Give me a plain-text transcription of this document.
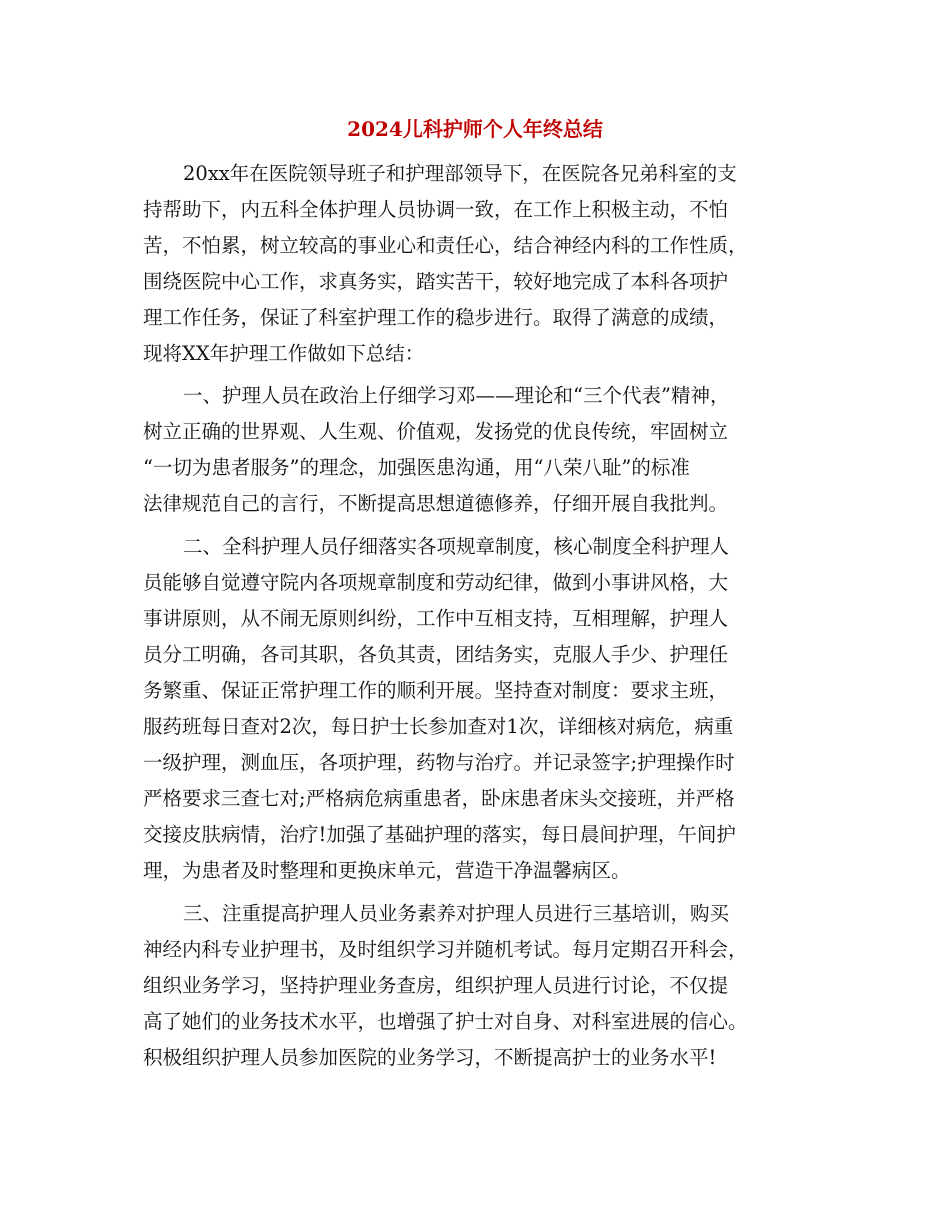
2024儿科护师个人年终总结
20xx年在医院领导班子和护理部领导下，在医院各兄弟科室的支
持帮助下，内五科全体护理人员协调一致，在工作上积极主动，不怕
苦，不怕累，树立较高的事业心和责任心，结合神经内科的工作性质，
围绕医院中心工作，求真务实，踏实苦干，较好地完成了本科各项护
理工作任务，保证了科室护理工作的稳步进行。取得了满意的成绩，
现将XX年护理工作做如下总结：
一、护理人员在政治上仔细学习邓——理论和“三个代表”精神，
树立正确的世界观、人生观、价值观，发扬党的优良传统，牢固树立
“一切为患者服务”的理念，加强医患沟通，用“八荣八耻”的标准
法律规范自己的言行，不断提高思想道德修养，仔细开展自我批判。
二、全科护理人员仔细落实各项规章制度，核心制度全科护理人
员能够自觉遵守院内各项规章制度和劳动纪律，做到小事讲风格，大
事讲原则，从不闹无原则纠纷，工作中互相支持，互相理解，护理人
员分工明确，各司其职，各负其责，团结务实，克服人手少、护理任
务繁重、保证正常护理工作的顺利开展。坚持查对制度：要求主班，
服药班每日查对2次，每日护士长参加查对1次，详细核对病危，病重
一级护理，测血压，各项护理，药物与治疗。并记录签字;护理操作时
严格要求三查七对;严格病危病重患者，卧床患者床头交接班，并严格
交接皮肤病情，治疗!加强了基础护理的落实，每日晨间护理，午间护
理，为患者及时整理和更换床单元，营造干净温馨病区。
三、注重提高护理人员业务素养对护理人员进行三基培训，购买
神经内科专业护理书，及时组织学习并随机考试。每月定期召开科会，
组织业务学习，坚持护理业务查房，组织护理人员进行讨论，不仅提
高了她们的业务技术水平，也增强了护士对自身、对科室进展的信心。
积极组织护理人员参加医院的业务学习，不断提高护士的业务水平!
